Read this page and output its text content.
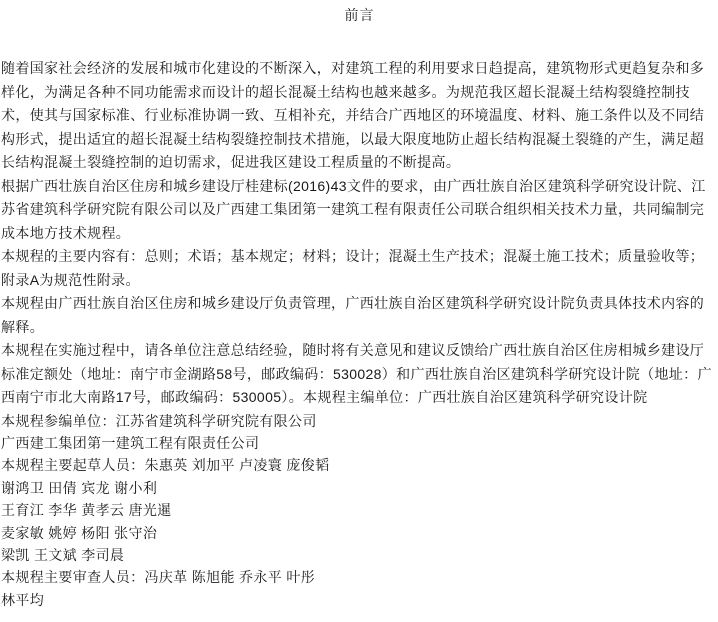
前言

随着国家社会经济的发展和城市化建设的不断深入，对建筑工程的利用要求日趋提高，建筑物形式更趋复杂和多样化，为满足各种不同功能需求而设计的超长混凝土结构也越来越多。为规范我区超长混凝土结构裂缝控制技术，使其与国家标准、行业标准协调一致、互相补充，并结合广西地区的环境温度、材料、施工条件以及不同结构形式，提出适宜的超长混凝土结构裂缝控制技术措施，以最大限度地防止超长结构混凝土裂缝的产生，满足超长结构混凝土裂缝控制的迫切需求，促进我区建设工程质量的不断提高。

根据广西壮族自治区住房和城乡建设厅桂建标(2016)43文件的要求，由广西壮族自治区建筑科学研究设计院、江苏省建筑科学研究院有限公司以及广西建工集团第一建筑工程有限责任公司联合组织相关技术力量，共同编制完成本地方技术规程。

本规程的主要内容有：总则；术语；基本规定；材料；设计；混凝土生产技术；混凝土施工技术；质量验收等；附录A为规范性附录。

本规程由广西壮族自治区住房和城乡建设厅负责管理，广西壮族自治区建筑科学研究设计院负责具体技术内容的解释。

本规程在实施过程中，请各单位注意总结经验，随时将有关意见和建议反馈给广西壮族自治区住房相城乡建设厅标准定额处（地址：南宁市金湖路58号，邮政编码：530028）和广西壮族自治区建筑科学研究设计院（地址：广西南宁市北大南路17号，邮政编码：530005）。本规程主编单位：广西壮族自治区建筑科学研究设计院

本规程参编单位：江苏省建筑科学研究院有限公司

广西建工集团第一建筑工程有限责任公司

本规程主要起草人员：朱惠英 刘加平 卢凌寰 庞俊韬

谢鸿卫 田倩 宾龙 谢小利

王育江 李华 黄孝云 唐光暹

麦家敏 姚婷 杨阳 张守治

梁凯 王文斌 李司晨

本规程主要审查人员：冯庆革 陈旭能 乔永平 叶彤

林平均
